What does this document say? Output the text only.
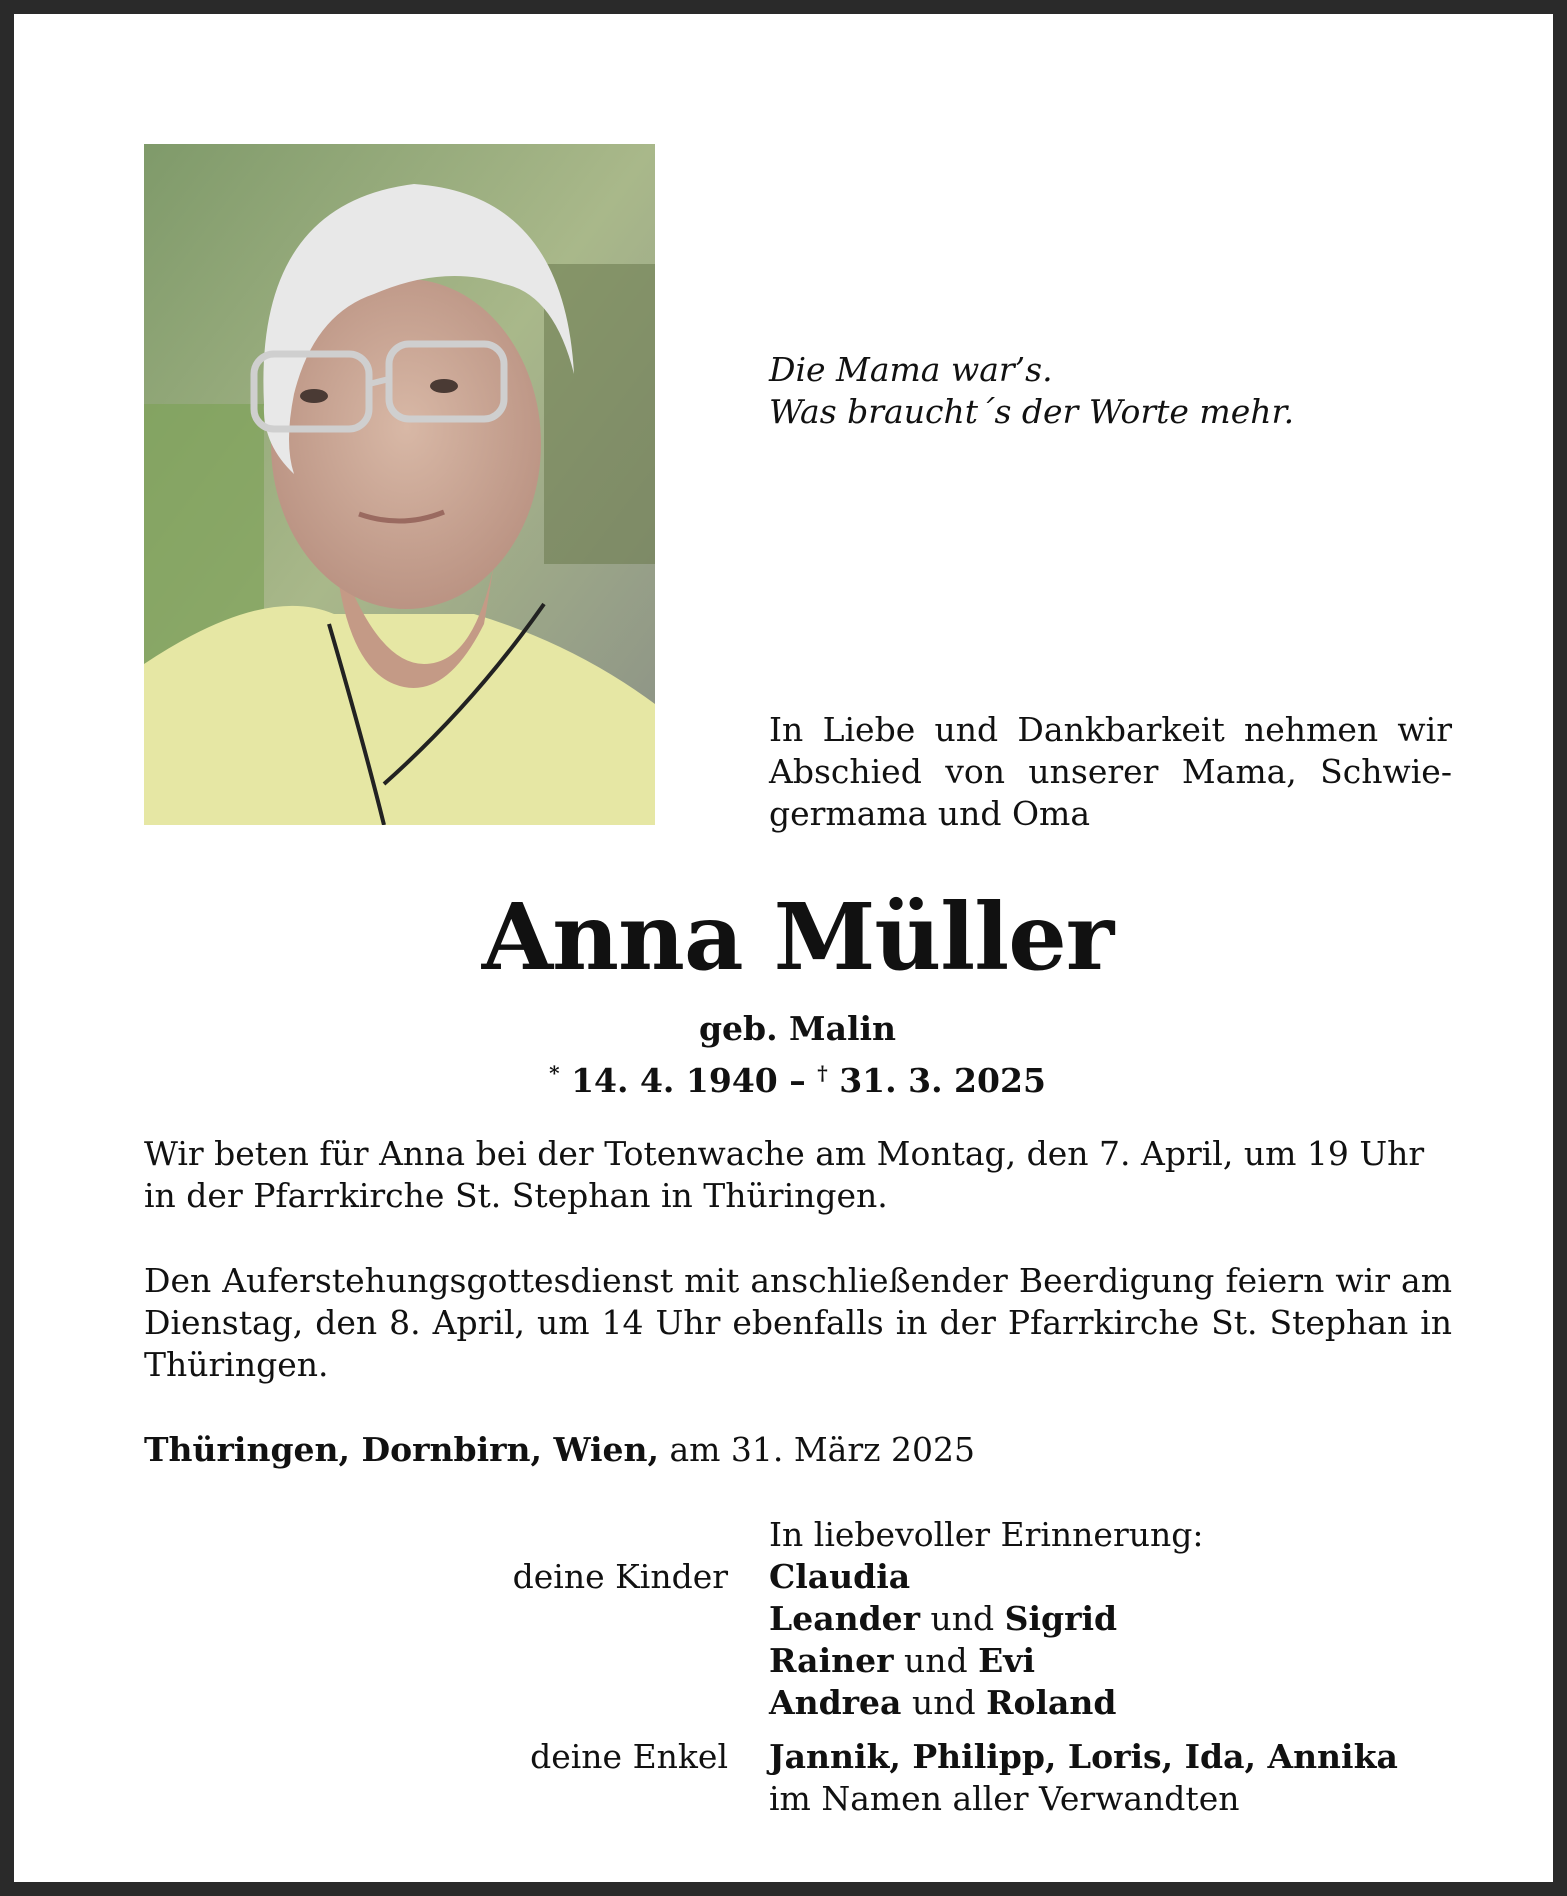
Die Mama war’s.
Was braucht´s der Worte mehr.
In Liebe und Dankbarkeit nehmen wir
Abschied von unserer Mama, Schwie-
germama und Oma
Anna Müller
geb. Malin
* 14. 4. 1940 – † 31. 3. 2025
Wir beten für Anna bei der Totenwache am Montag, den 7. April, um 19 Uhr
in der Pfarrkirche St. Stephan in Thüringen.

Den Auferstehungsgottesdienst mit anschließender Beerdigung feiern wir am Dienstag, den 8. April, um 14 Uhr ebenfalls in der Pfarrkirche St. Stephan in Thüringen.

Thüringen, Dornbirn, Wien, am 31. März 2025

In liebevoller Erinnerung:

deine Kinder Claudia
Leander und Sigrid
Rainer und Evi
Andrea und Roland
deine Enkel Jannik, Philipp, Loris, Ida, Annika
im Namen aller Verwandten
